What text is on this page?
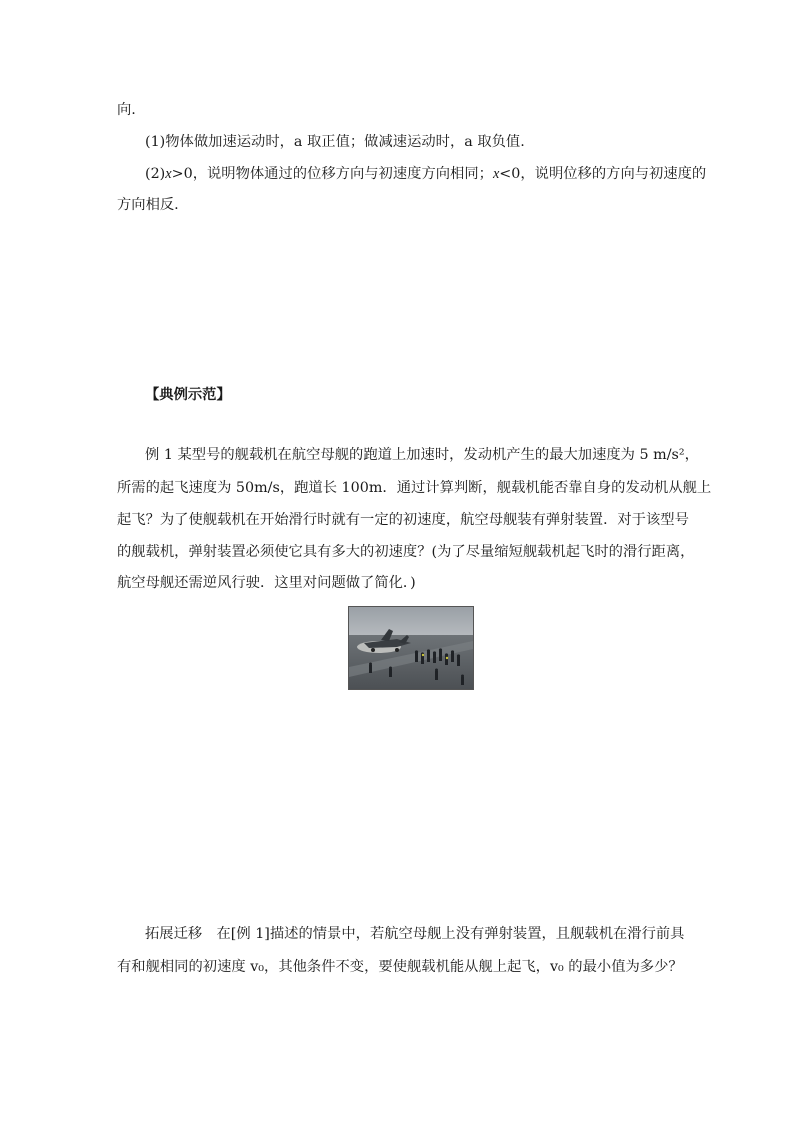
向.
(1)物体做加速运动时，a 取正值；做减速运动时，a 取负值.
(2)x>0，说明物体通过的位移方向与初速度方向相同；x<0，说明位移的方向与初速度的
方向相反.
【典例示范】
例 1 某型号的舰载机在航空母舰的跑道上加速时，发动机产生的最大加速度为 5 m/s²，
所需的起飞速度为 50m/s，跑道长 100m．通过计算判断，舰载机能否靠自身的发动机从舰上
起飞？为了使舰载机在开始滑行时就有一定的初速度，航空母舰装有弹射装置．对于该型号
的舰载机，弹射装置必须使它具有多大的初速度？(为了尽量缩短舰载机起飞时的滑行距离，
航空母舰还需逆风行驶．这里对问题做了简化．)
拓展迁移　在[例 1]描述的情景中，若航空母舰上没有弹射装置，且舰载机在滑行前具
有和舰相同的初速度 v₀，其他条件不变，要使舰载机能从舰上起飞，v₀ 的最小值为多少？
